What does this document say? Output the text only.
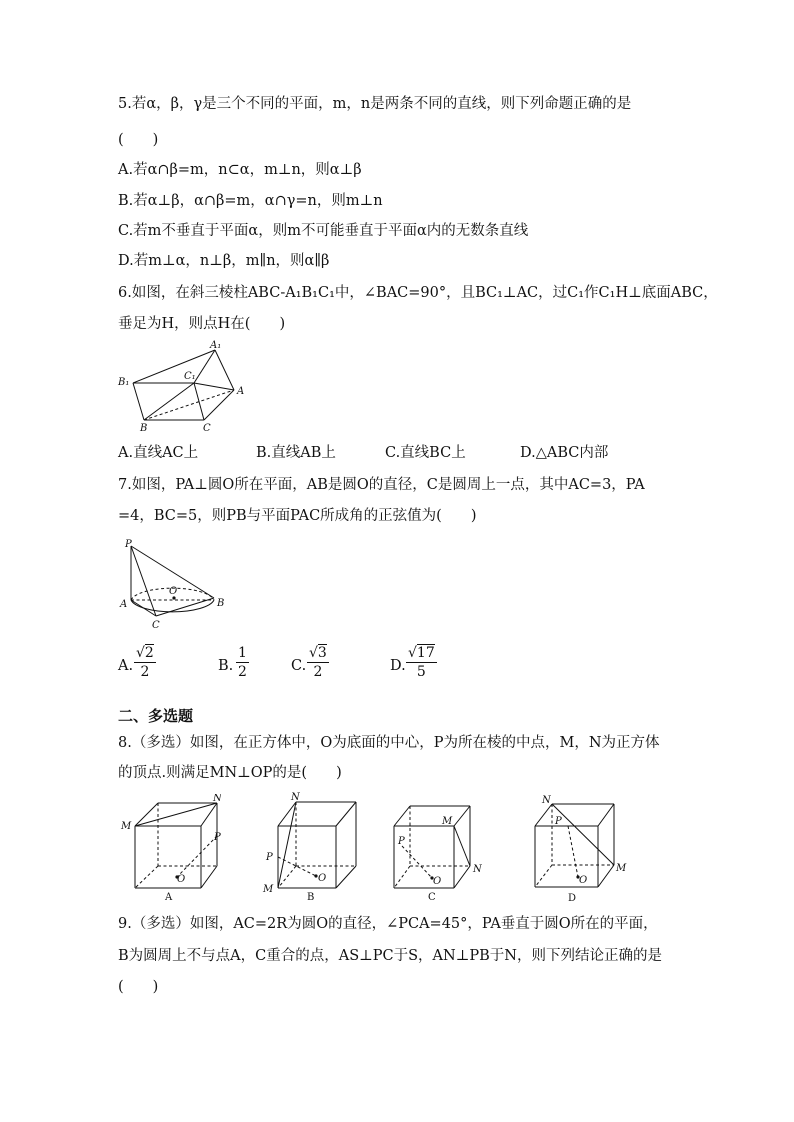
5.若α，β，γ是三个不同的平面，m，n是两条不同的直线，则下列命题正确的是
(　　)
A.若α∩β=m，n⊂α，m⊥n，则α⊥β
B.若α⊥β，α∩β=m，α∩γ=n，则m⊥n
C.若m不垂直于平面α，则m不可能垂直于平面α内的无数条直线
D.若m⊥α，n⊥β，m∥n，则α∥β
6.如图，在斜三棱柱ABC-A₁B₁C₁中，∠BAC=90°，且BC₁⊥AC，过C₁作C₁H⊥底面ABC，
垂足为H，则点H在(　　)
A₁
B₁
C₁
A
B	C
A.直线AC上	B.直线AB上	C.直线BC上	D.△ABC内部
7.如图，PA⊥圆O所在平面，AB是圆O的直径，C是圆周上一点，其中AC=3，PA
=4，BC=5，则PB与平面PAC所成角的正弦值为(　　)
P
A	B
C
O
A. $\frac{√2}{2}$	B. $\frac{1}{2}$	C. $\frac{√3}{2}$	D. $\frac{√17}{5}$
二、多选题
8.（多选）如图，在正方体中，O为底面的中心，P为所在棱的中点，M，N为正方体
的顶点.则满足MN⊥OP的是(　　)
M
N
P
O
A
N
P
M
O
B
M
P
N
O
C
N
P
M
O
D
9.（多选）如图，AC=2R为圆O的直径，∠PCA=45°，PA垂直于圆O所在的平面，
B为圆周上不与点A，C重合的点，AS⊥PC于S，AN⊥PB于N，则下列结论正确的是
(　　)
